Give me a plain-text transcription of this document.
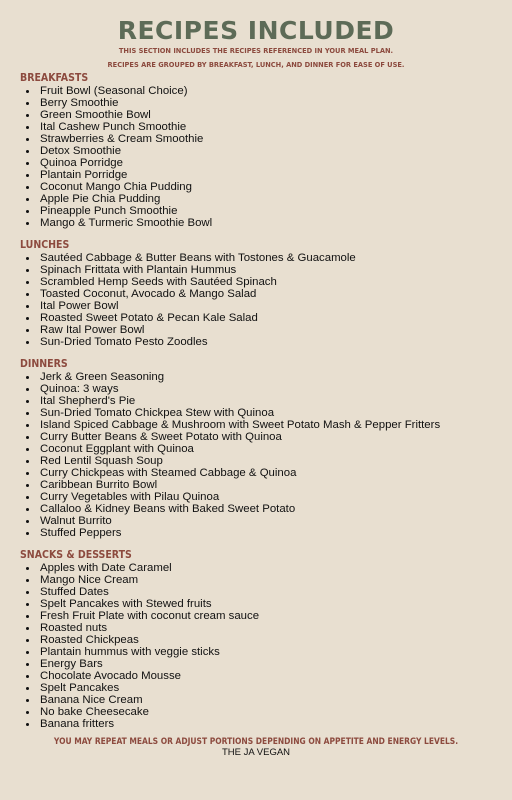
RECIPES INCLUDED

THIS SECTION INCLUDES THE RECIPES REFERENCED IN YOUR MEAL PLAN.

RECIPES ARE GROUPED BY BREAKFAST, LUNCH, AND DINNER FOR EASE OF USE.

BREAKFASTS
Fruit Bowl (Seasonal Choice)
Berry Smoothie
Green Smoothie Bowl
Ital Cashew Punch Smoothie
Strawberries & Cream Smoothie
Detox Smoothie
Quinoa Porridge
Plantain Porridge
Coconut Mango Chia Pudding
Apple Pie Chia Pudding
Pineapple Punch Smoothie
Mango & Turmeric Smoothie Bowl
LUNCHES
Sautéed Cabbage & Butter Beans with Tostones & Guacamole
Spinach Frittata with Plantain Hummus
Scrambled Hemp Seeds with Sautéed Spinach
Toasted Coconut, Avocado & Mango Salad
Ital Power Bowl
Roasted Sweet Potato & Pecan Kale Salad
Raw Ital Power Bowl
Sun-Dried Tomato Pesto Zoodles
DINNERS
Jerk & Green Seasoning
Quinoa: 3 ways
Ital Shepherd's Pie
Sun-Dried Tomato Chickpea Stew with Quinoa
Island Spiced Cabbage & Mushroom with Sweet Potato Mash & Pepper Fritters
Curry Butter Beans & Sweet Potato with Quinoa
Coconut Eggplant with Quinoa
Red Lentil Squash Soup
Curry Chickpeas with Steamed Cabbage & Quinoa
Caribbean Burrito Bowl
Curry Vegetables with Pilau Quinoa
Callaloo & Kidney Beans with Baked Sweet Potato
Walnut Burrito
Stuffed Peppers
SNACKS & DESSERTS
Apples with Date Caramel
Mango Nice Cream
Stuffed Dates
Spelt Pancakes with Stewed fruits
Fresh Fruit Plate with coconut cream sauce
Roasted nuts
Roasted Chickpeas
Plantain hummus with veggie sticks
Energy Bars
Chocolate Avocado Mousse
Spelt Pancakes
Banana Nice Cream
No bake Cheesecake
Banana fritters

YOU MAY REPEAT MEALS OR ADJUST PORTIONS DEPENDING ON APPETITE AND ENERGY LEVELS.

THE JA VEGAN
